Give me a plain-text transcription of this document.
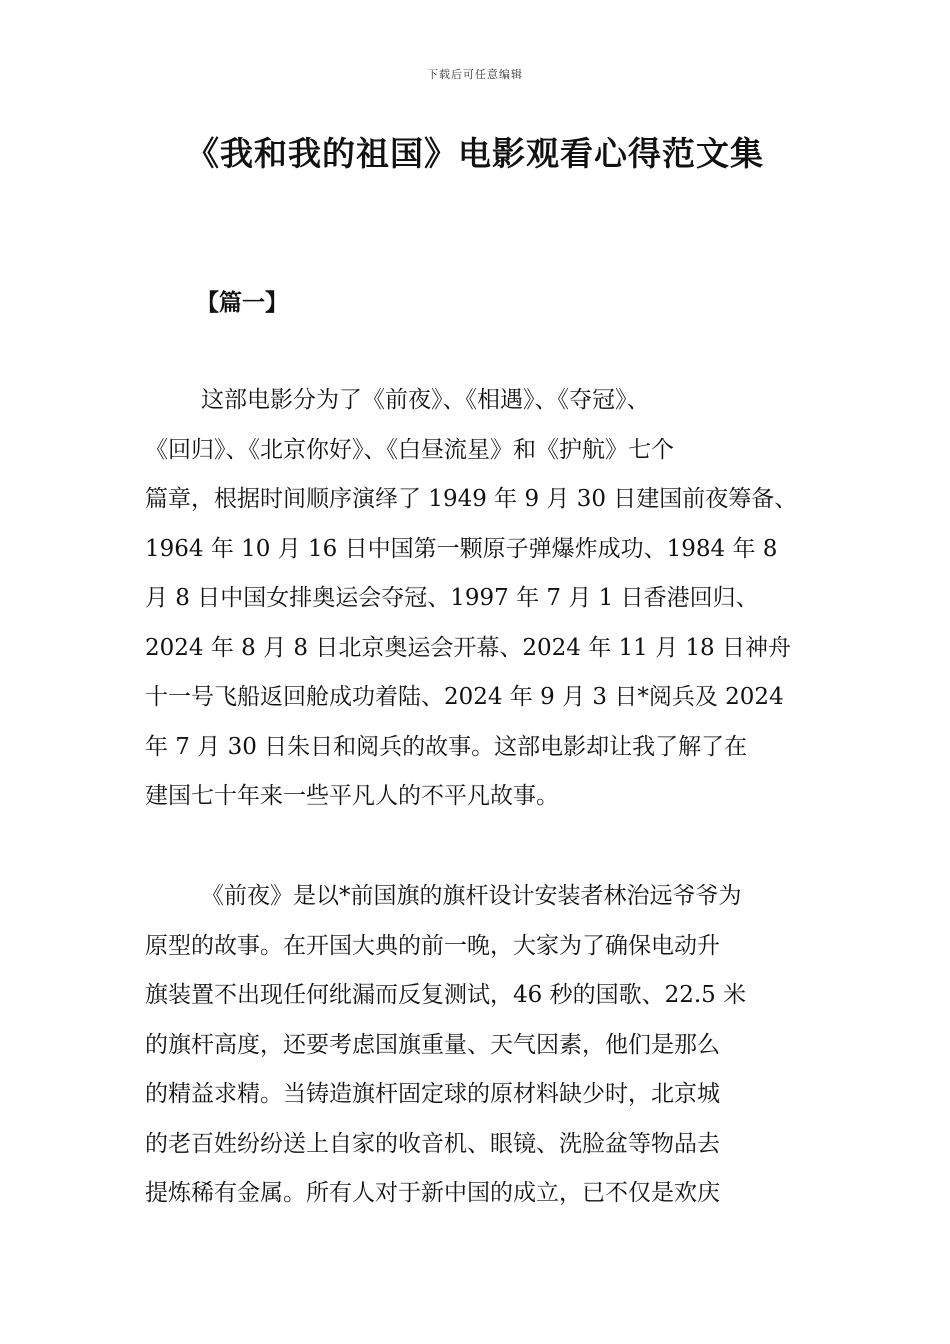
下载后可任意编辑
《我和我的祖国》电影观看心得范文集
【篇一】
这部电影分为了《前夜》、《相遇》、《夺冠》、
《回归》、《北京你好》、《白昼流星》和《护航》七个
篇章，根据时间顺序演绎了 1949 年 9 月 30 日建国前夜筹备、
1964 年 10 月 16 日中国第一颗原子弹爆炸成功、1984 年 8
月 8 日中国女排奥运会夺冠、1997 年 7 月 1 日香港回归、
2024 年 8 月 8 日北京奥运会开幕、2024 年 11 月 18 日神舟
十一号飞船返回舱成功着陆、2024 年 9 月 3 日*阅兵及 2024
年 7 月 30 日朱日和阅兵的故事。这部电影却让我了解了在
建国七十年来一些平凡人的不平凡故事。
《前夜》是以*前国旗的旗杆设计安装者林治远爷爷为
原型的故事。在开国大典的前一晚，大家为了确保电动升
旗装置不出现任何纰漏而反复测试，46 秒的国歌、22.5 米
的旗杆高度，还要考虑国旗重量、天气因素，他们是那么
的精益求精。当铸造旗杆固定球的原材料缺少时，北京城
的老百姓纷纷送上自家的收音机、眼镜、洗脸盆等物品去
提炼稀有金属。所有人对于新中国的成立，已不仅是欢庆
